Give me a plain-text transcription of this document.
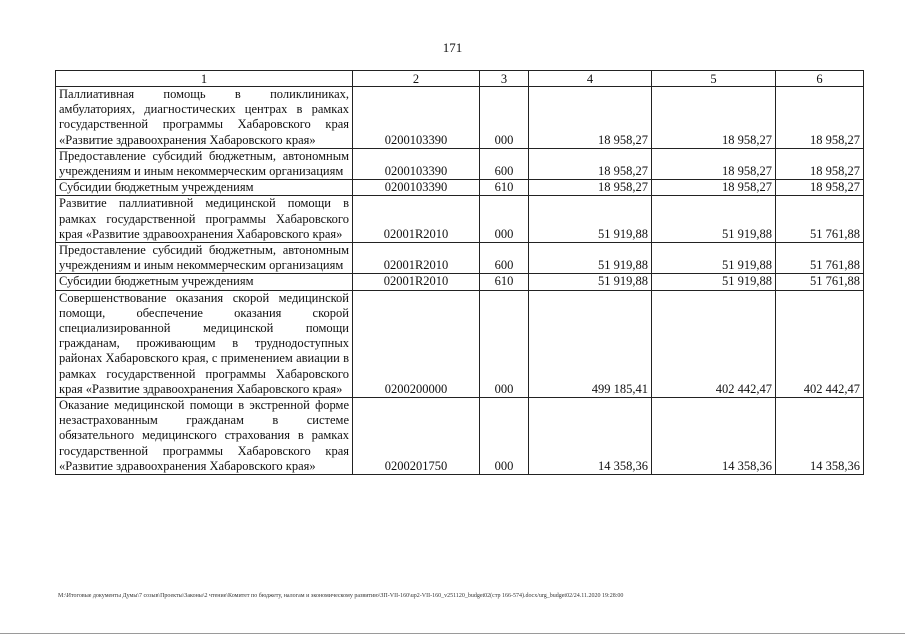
171
1	2	3	4	5	6
Паллиативная помощь в поликлиниках, амбулаториях, диагностических центрах в рамках государственной программы Хабаровского края «Развитие здравоохранения Хабаровского края»	0200103390	000	18 958,27	18 958,27	18 958,27
Предоставление субсидий бюджетным, автономным учреждениям и иным некоммерческим организациям	0200103390	600	18 958,27	18 958,27	18 958,27
Субсидии бюджетным учреждениям	0200103390	610	18 958,27	18 958,27	18 958,27
Развитие паллиативной медицинской помощи в рамках государственной программы Хабаровского края «Развитие здравоохранения Хабаровского края»	02001R2010	000	51 919,88	51 919,88	51 761,88
Предоставление субсидий бюджетным, автономным учреждениям и иным некоммерческим организациям	02001R2010	600	51 919,88	51 919,88	51 761,88
Субсидии бюджетным учреждениям	02001R2010	610	51 919,88	51 919,88	51 761,88
Совершенствование оказания скорой медицинской помощи, обеспечение оказания скорой специализированной медицинской помощи гражданам, проживающим в труднодоступных районах Хабаровского края, с применением авиации в рамках государственной программы Хабаровского края «Развитие здравоохранения Хабаровского края»	0200200000	000	499 185,41	402 442,47	402 442,47
Оказание медицинской помощи в экстренной форме незастрахованным гражданам в системе обязательного медицинского страхования в рамках государственной программы Хабаровского края «Развитие здравоохранения Хабаровского края»	0200201750	000	14 358,36	14 358,36	14 358,36
M:\Итоговые документы Думы\7 созыв\Проекты\Законы\2 чтение\Комитет по бюджету, налогам и экономическому развитию\ЗП-VII-160\up2-VII-160_v251120_budget02(стр 166-574).docx/urg_budget02/24.11.2020 19:28:00
